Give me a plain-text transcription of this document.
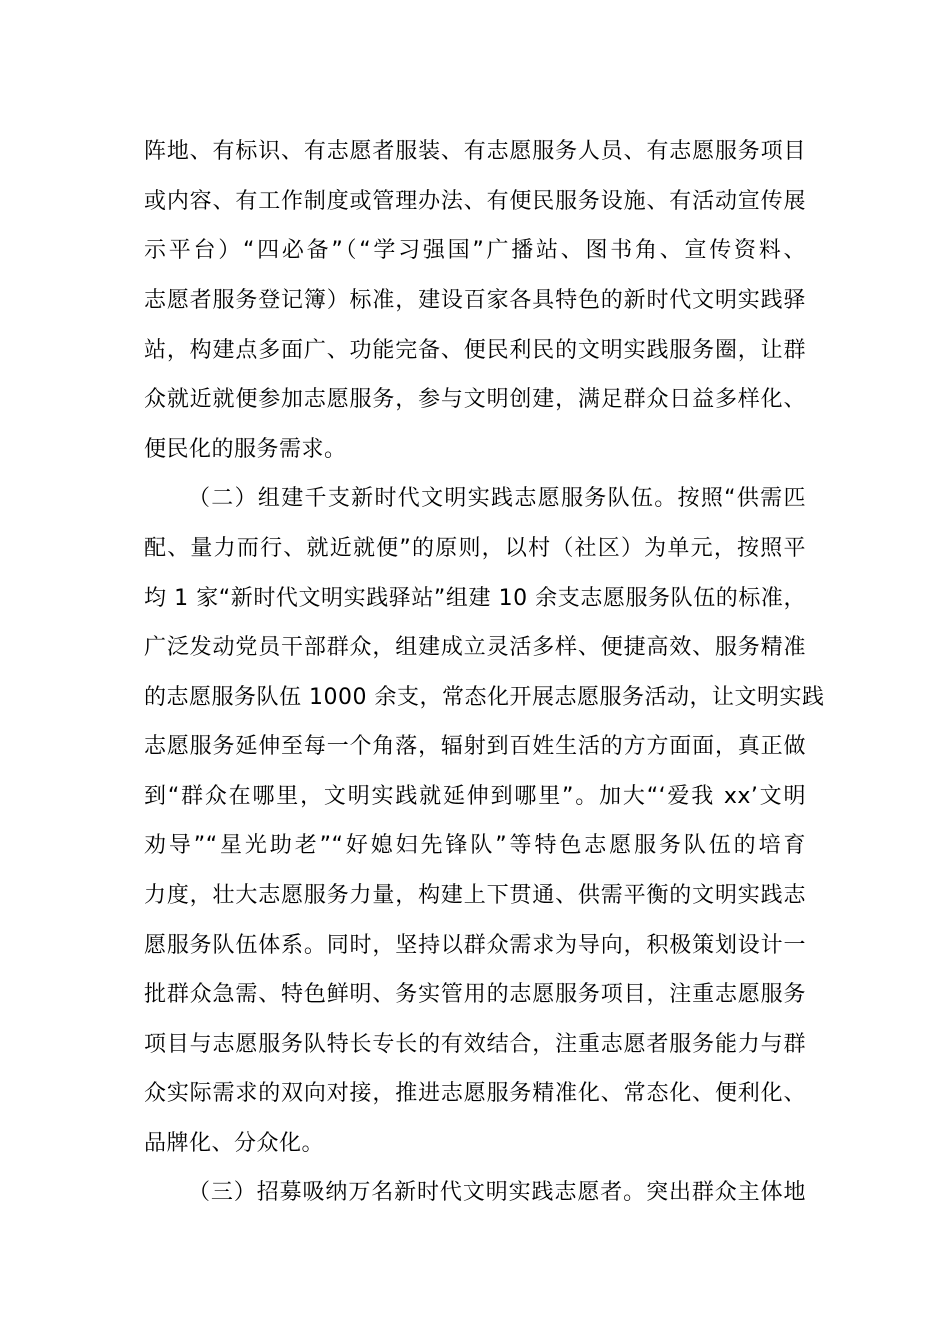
阵地、有标识、有志愿者服装、有志愿服务人员、有志愿服务项目
或内容、有工作制度或管理办法、有便民服务设施、有活动宣传展
示平台）“四必备”（“学习强国”广播站、图书角、宣传资料、
志愿者服务登记簿）标准，建设百家各具特色的新时代文明实践驿
站，构建点多面广、功能完备、便民利民的文明实践服务圈，让群
众就近就便参加志愿服务，参与文明创建，满足群众日益多样化、
便民化的服务需求。
（二）组建千支新时代文明实践志愿服务队伍。按照“供需匹
配、量力而行、就近就便”的原则，以村（社区）为单元，按照平
均 1 家“新时代文明实践驿站”组建 10 余支志愿服务队伍的标准，
广泛发动党员干部群众，组建成立灵活多样、便捷高效、服务精准
的志愿服务队伍 1000 余支，常态化开展志愿服务活动，让文明实践
志愿服务延伸至每一个角落，辐射到百姓生活的方方面面，真正做
到“群众在哪里，文明实践就延伸到哪里”。加大“‘爱我 xx’文明
劝导”“星光助老”“好媳妇先锋队”等特色志愿服务队伍的培育
力度，壮大志愿服务力量，构建上下贯通、供需平衡的文明实践志
愿服务队伍体系。同时，坚持以群众需求为导向，积极策划设计一
批群众急需、特色鲜明、务实管用的志愿服务项目，注重志愿服务
项目与志愿服务队特长专长的有效结合，注重志愿者服务能力与群
众实际需求的双向对接，推进志愿服务精准化、常态化、便利化、
品牌化、分众化。
（三）招募吸纳万名新时代文明实践志愿者。突出群众主体地
